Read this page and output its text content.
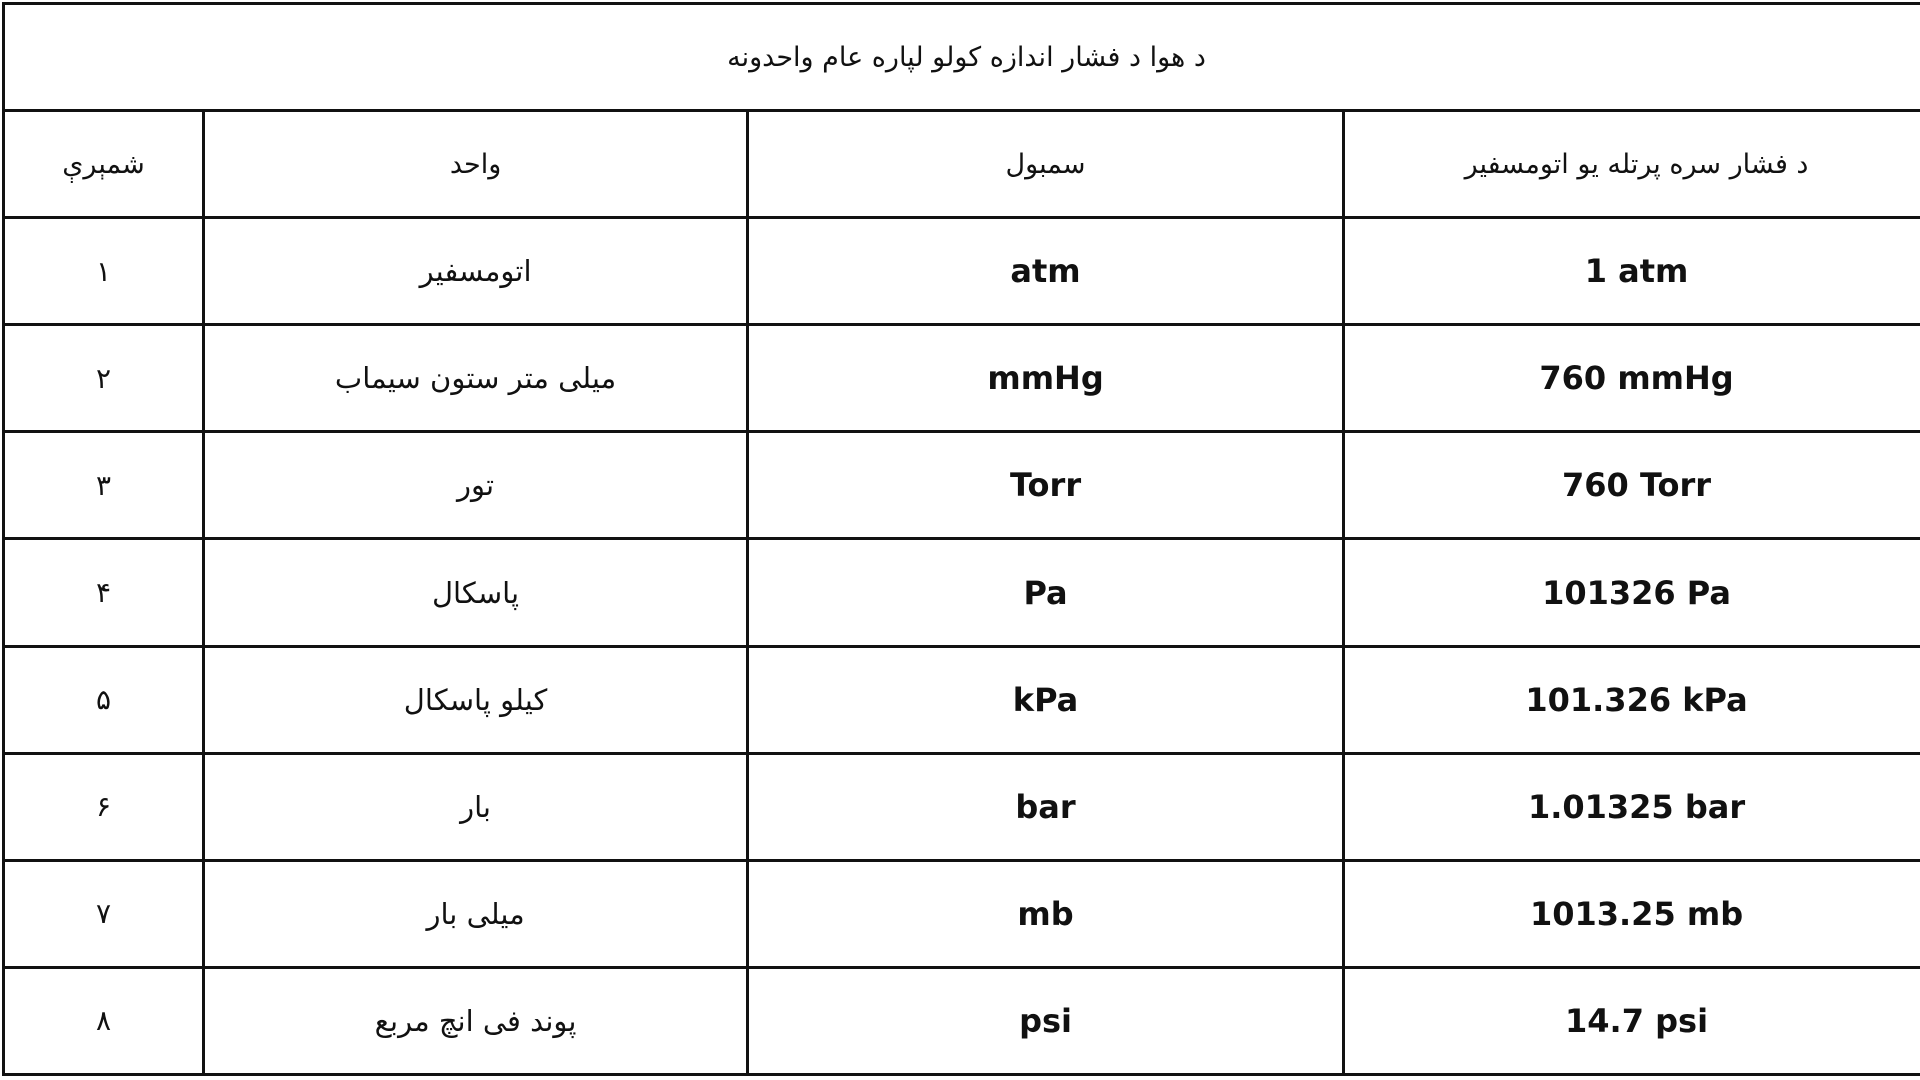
د هوا د فشار اندازه کولو لپاره عام واحدونه			
د فشار سره پرتله یو اتومسفیر	سمبول	واحد	شمېرې
1 atm	atm	اتومسفیر	۱
760 mmHg	mmHg	میلی متر ستون سیماب	۲
760 Torr	Torr	تور	۳
101326 Pa	Pa	پاسکال	۴
101.326 kPa	kPa	کیلو پاسکال	۵
1.01325 bar	bar	بار	۶
1013.25 mb	mb	میلی بار	۷
14.7 psi	psi	پوند فی انچ مربع	۸
